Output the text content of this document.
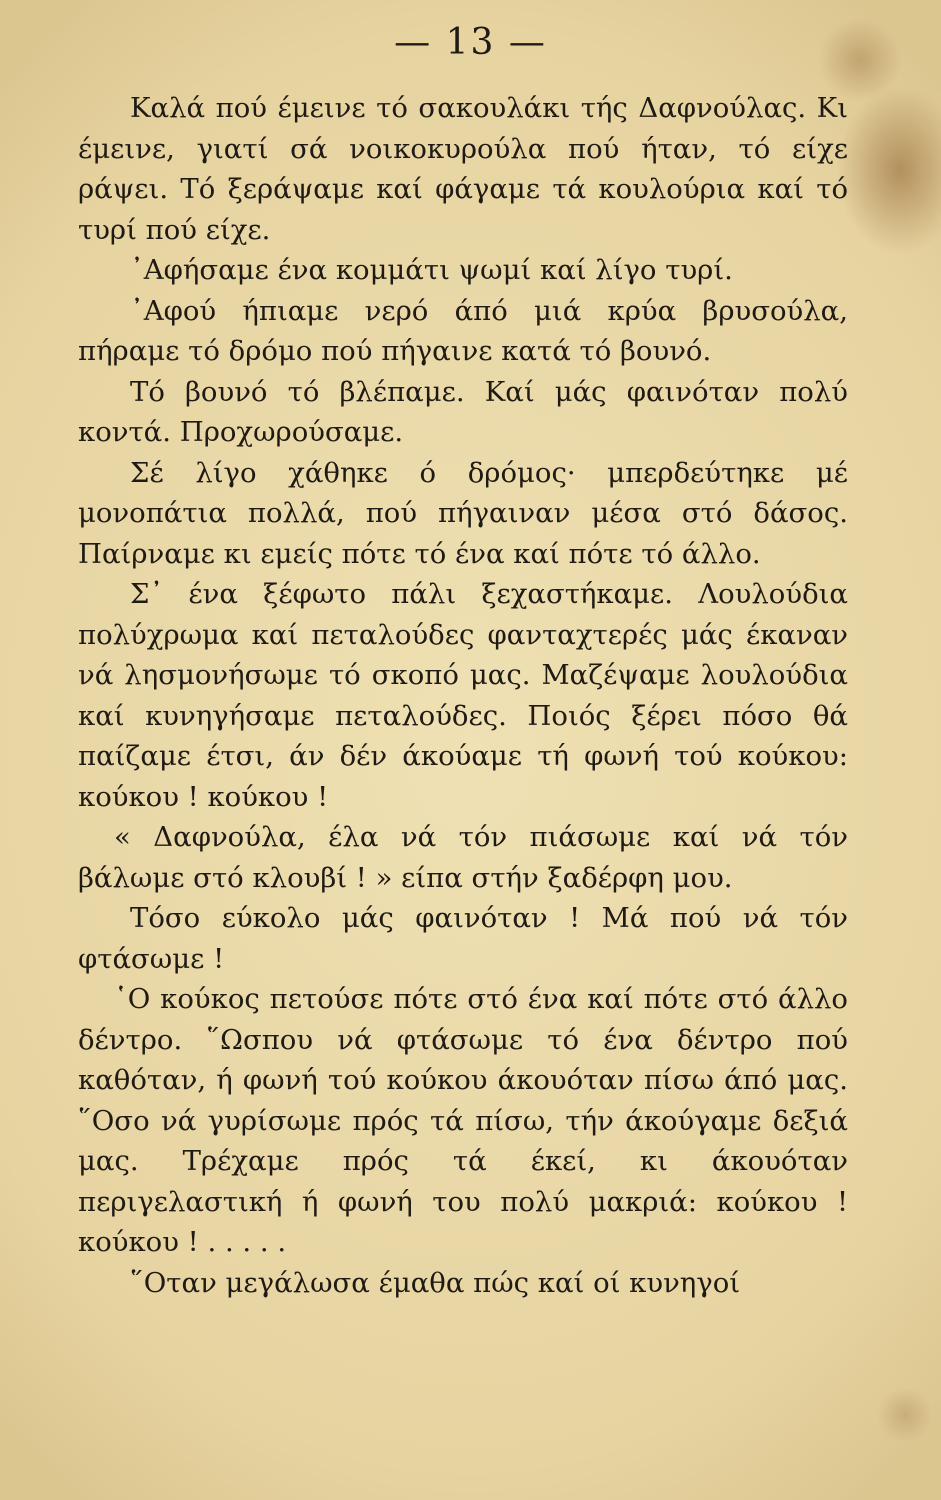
— 13 —

Καλά πού έμεινε τό σακουλάκι τής Δαφνούλας. Κι έμεινε, γιατί σά νοικοκυρούλα πού ήταν, τό είχε ράψει. Τό ξεράψαμε καί φάγαμε τά κουλούρια καί τό τυρί πού είχε.

᾿Αφήσαμε ένα κομμάτι ψωμί καί λίγο τυρί.

᾿Αφού ήπιαμε νερό άπό μιά κρύα βρυσούλα, πήραμε τό δρόμο πού πήγαινε κατά τό βουνό.

Τό βουνό τό βλέπαμε. Καί μάς φαινόταν πολύ κοντά. Προχωρούσαμε.

Σέ λίγο χάθηκε ό δρόμος· μπερδεύτηκε μέ μονοπάτια πολλά, πού πήγαιναν μέσα στό δάσος. Παίρναμε κι εμείς πότε τό ένα καί πότε τό άλλο.

Σ᾿ ένα ξέφωτο πάλι ξεχαστήκαμε. Λουλούδια πολύχρωμα καί πεταλούδες φανταχτερές μάς έκαναν νά λησμονήσωμε τό σκοπό μας. Μαζέψαμε λουλούδια καί κυνηγήσαμε πεταλούδες. Ποιός ξέρει πόσο θά παίζαμε έτσι, άν δέν άκούαμε τή φωνή τού κούκου: κούκου ! κούκου !

« Δαφνούλα, έλα νά τόν πιάσωμε καί νά τόν βάλωμε στό κλουβί ! » είπα στήν ξαδέρφη μου.

Τόσο εύκολο μάς φαινόταν ! Μά πού νά τόν φτάσωμε !

῾Ο κούκος πετούσε πότε στό ένα καί πότε στό άλλο δέντρο. ῞Ωσπου νά φτάσωμε τό ένα δέντρο πού καθόταν, ή φωνή τού κούκου άκουόταν πίσω άπό μας. ῞Οσο νά γυρίσωμε πρός τά πίσω, τήν άκούγαμε δεξιά μας. Τρέχαμε πρός τά έκεί, κι άκουόταν περιγελαστική ή φωνή του πολύ μακριά: κούκου ! κούκου ! . . . . .

῞Οταν μεγάλωσα έμαθα πώς καί οί κυνηγοί
